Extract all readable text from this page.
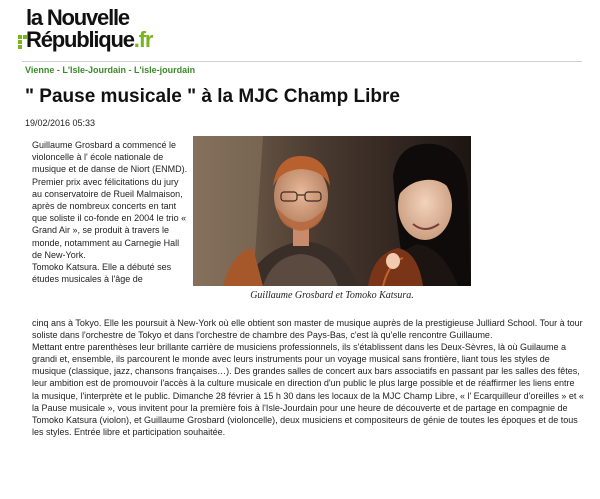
la Nouvelle
République.fr
Vienne - L'Isle-Jourdain - L'isle-jourdain
" Pause musicale " à la MJC Champ Libre
19/02/2016 05:33
Guillaume Grosbard et Tomoko Katsura.

Guillaume Grosbard a commencé le violoncelle à l' école nationale de musique et de danse de Niort (ENMD). Premier prix avec félicitations du jury au conservatoire de Rueil Malmaison, après de nombreux concerts en tant que soliste il co-fonde en 2004 le trio « Grand Air », se produit à travers le monde, notamment au Carnegie Hall de New-York.

Tomoko Katsura. Elle a débuté ses études musicales à l'âge de

cinq ans à Tokyo. Elle les poursuit à New-York où elle obtient son master de musique auprès de la prestigieuse Julliard School. Tour à tour soliste dans l'orchestre de Tokyo et dans l'orchestre de chambre des Pays-Bas, c'est là qu'elle rencontre Guillaume.

Mettant entre parenthèses leur brillante carrière de musiciens professionnels, ils s'établissent dans les Deux-Sèvres, là où Guilaume a grandi et, ensemble, ils parcourent le monde avec leurs instruments pour un voyage musical sans frontière, liant tous les styles de musique (classique, jazz, chansons françaises…). Des grandes salles de concert aux bars associatifs en passant par les salles des fêtes, leur ambition est de promouvoir l'accès à la culture musicale en direction d'un public le plus large possible et de réaffirmer les liens entre la musique, l'interprète et le public. Dimanche 28 février à 15 h 30 dans les locaux de la MJC Champ Libre, « l' Ecarquilleur d'oreilles » et « la Pause musicale », vous invitent pour la première fois à l'Isle-Jourdain pour une heure de découverte et de partage en compagnie de Tomoko Katsura (violon), et Guillaume Grosbard (violoncelle), deux musiciens et compositeurs de génie de toutes les époques et de tous les styles. Entrée libre et participation souhaitée.
